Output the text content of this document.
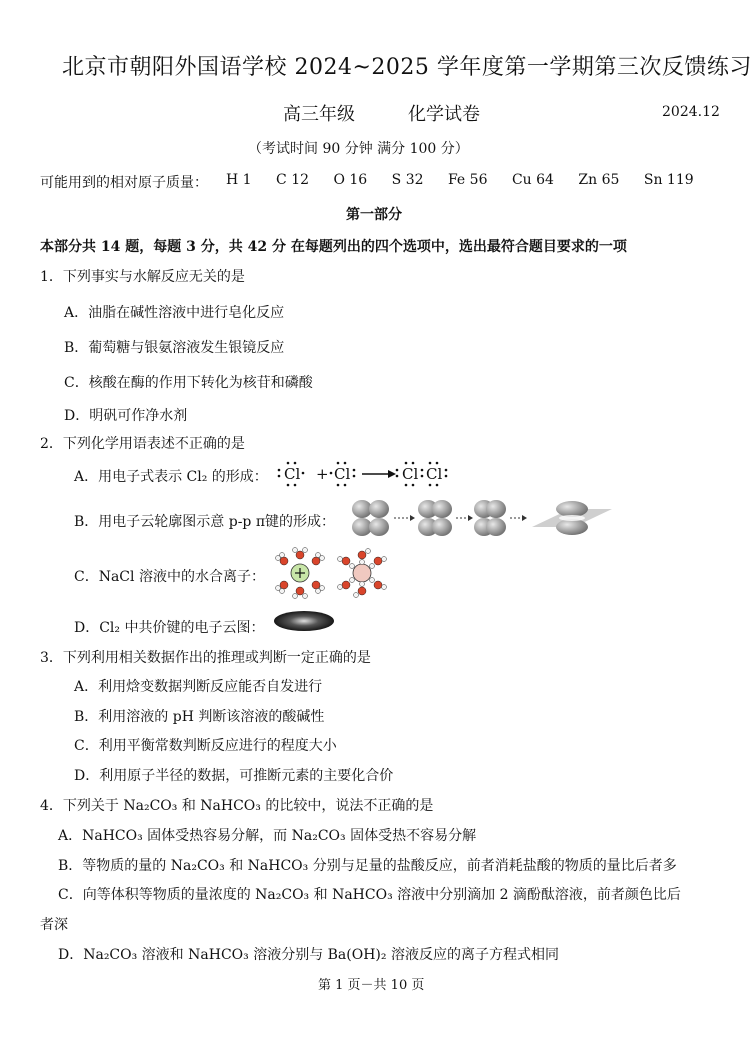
北京市朝阳外国语学校 2024~2025 学年度第一学期第三次反馈练习
高三年级	化学试卷	2024.12
（考试时间 90 分钟 满分 100 分）
可能用到的相对原子质量： H 1 C 12 O 16 S 32 Fe 56 Cu 64 Zn 65 Sn 119
第一部分
本部分共 14 题，每题 3 分，共 42 分 在每题列出的四个选项中，选出最符合题目要求的一项
1．下列事实与水解反应无关的是
A．油脂在碱性溶液中进行皂化反应
B．葡萄糖与银氨溶液发生银镜反应
C．核酸在酶的作用下转化为核苷和磷酸
D．明矾可作净水剂
2．下列化学用语表述不正确的是
A．用电子式表示 Cl₂ 的形成： Cl + Cl	Cl Cl
B．用电子云轮廓图示意 p-p π键的形成：
C．NaCl 溶液中的水合离子：
D．Cl₂ 中共价键的电子云图：
3．下列利用相关数据作出的推理或判断一定正确的是
A．利用焓变数据判断反应能否自发进行
B．利用溶液的 pH 判断该溶液的酸碱性
C．利用平衡常数判断反应进行的程度大小
D．利用原子半径的数据，可推断元素的主要化合价
4．下列关于 Na₂CO₃ 和 NaHCO₃ 的比较中，说法不正确的是
A．NaHCO₃ 固体受热容易分解，而 Na₂CO₃ 固体受热不容易分解
B．等物质的量的 Na₂CO₃ 和 NaHCO₃ 分别与足量的盐酸反应，前者消耗盐酸的物质的量比后者多
C．向等体积等物质的量浓度的 Na₂CO₃ 和 NaHCO₃ 溶液中分别滴加 2 滴酚酞溶液，前者颜色比后
者深
D．Na₂CO₃ 溶液和 NaHCO₃ 溶液分别与 Ba(OH)₂ 溶液反应的离子方程式相同
第 1 页－共 10 页
